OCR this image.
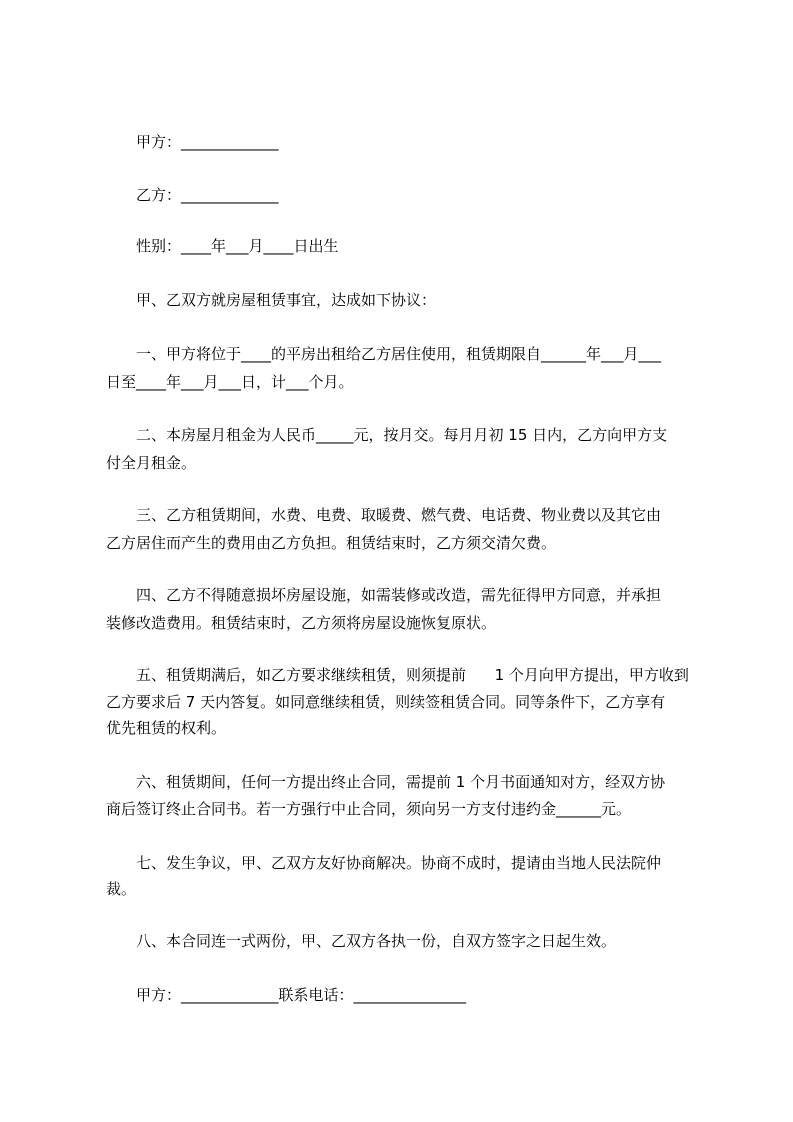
甲方：_____________
乙方：_____________
性别：____年___月____日出生
甲、乙双方就房屋租赁事宜，达成如下协议：
一、甲方将位于____的平房出租给乙方居住使用，租赁期限自______年___月___
日至____年___月___日，计___个月。
二、本房屋月租金为人民币_____元，按月交。每月月初 15 日内，乙方向甲方支
付全月租金。
三、乙方租赁期间，水费、电费、取暖费、燃气费、电话费、物业费以及其它由
乙方居住而产生的费用由乙方负担。租赁结束时，乙方须交清欠费。
四、乙方不得随意损坏房屋设施，如需装修或改造，需先征得甲方同意，并承担
装修改造费用。租赁结束时，乙方须将房屋设施恢复原状。
五、租赁期满后，如乙方要求继续租赁，则须提前      1 个月向甲方提出，甲方收到
乙方要求后 7 天内答复。如同意继续租赁，则续签租赁合同。同等条件下，乙方享有
优先租赁的权利。
六、租赁期间，任何一方提出终止合同，需提前 1 个月书面通知对方，经双方协
商后签订终止合同书。若一方强行中止合同，须向另一方支付违约金______元。
七、发生争议，甲、乙双方友好协商解决。协商不成时，提请由当地人民法院仲
裁。
八、本合同连一式两份，甲、乙双方各执一份，自双方签字之日起生效。
甲方：_____________联系电话：_______________
